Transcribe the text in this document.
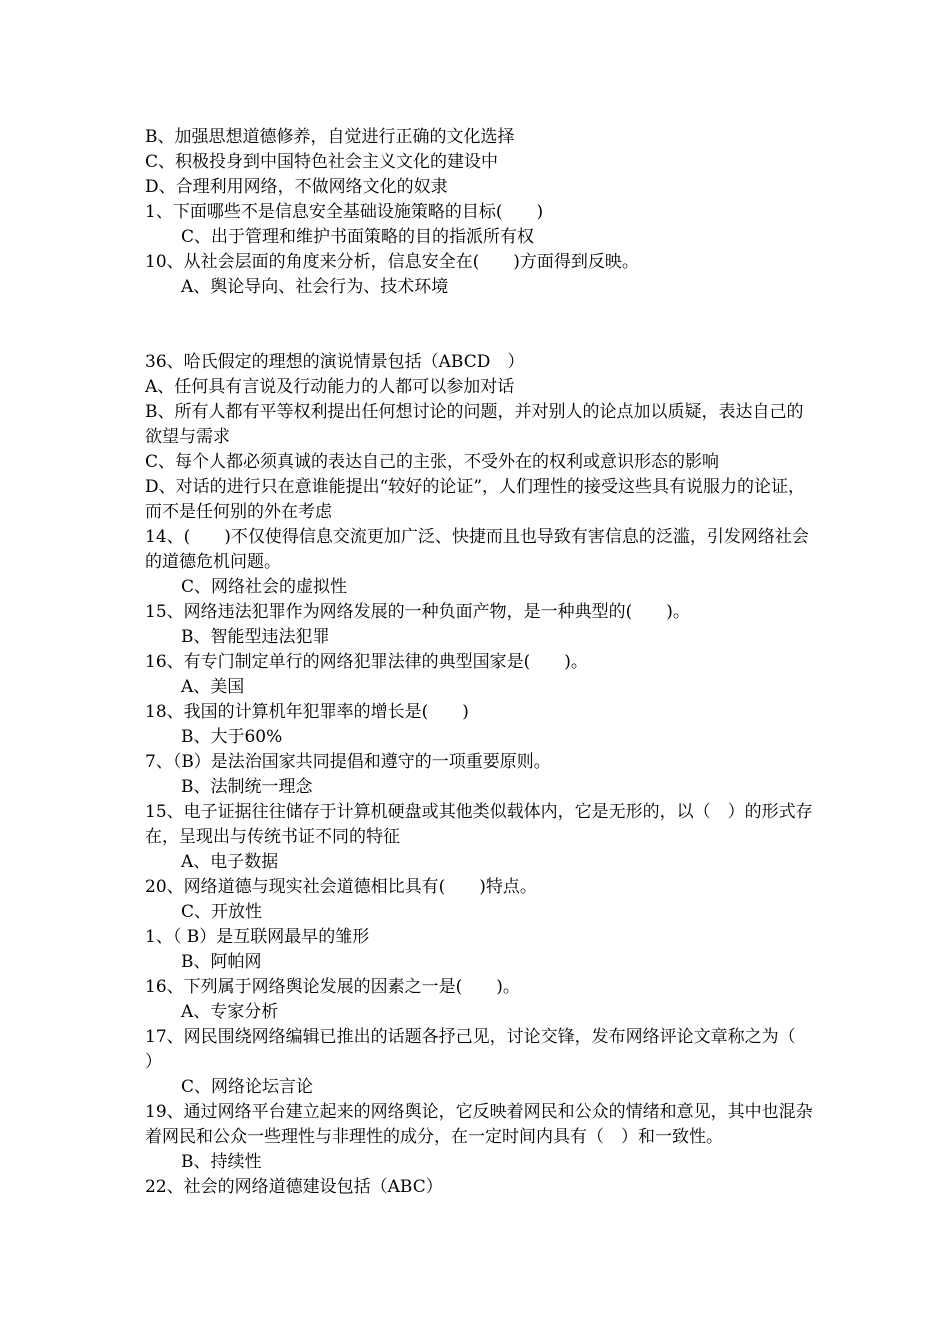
B、加强思想道德修养，自觉进行正确的文化选择
C、积极投身到中国特色社会主义文化的建设中
D、合理利用网络，不做网络文化的奴隶
1、下面哪些不是信息安全基础设施策略的目标(　　)
C、出于管理和维护书面策略的目的指派所有权
10、从社会层面的角度来分析，信息安全在(　　)方面得到反映。
A、舆论导向、社会行为、技术环境
36、哈氏假定的理想的演说情景包括（ABCD　）
A、任何具有言说及行动能力的人都可以参加对话
B、所有人都有平等权利提出任何想讨论的问题，并对别人的论点加以质疑，表达自己的欲望与需求
C、每个人都必须真诚的表达自己的主张，不受外在的权利或意识形态的影响
D、对话的进行只在意谁能提出“较好的论证”，人们理性的接受这些具有说服力的论证，而不是任何别的外在考虑
14、(　　)不仅使得信息交流更加广泛、快捷而且也导致有害信息的泛滥，引发网络社会的道德危机问题。
C、网络社会的虚拟性
15、网络违法犯罪作为网络发展的一种负面产物，是一种典型的(　　)。
B、智能型违法犯罪
16、有专门制定单行的网络犯罪法律的典型国家是(　　)。
A、美国
18、我国的计算机年犯罪率的增长是(　　)
B、大于60%
7、（B）是法治国家共同提倡和遵守的一项重要原则。
B、法制统一理念
15、电子证据往往储存于计算机硬盘或其他类似载体内，它是无形的，以（　）的形式存在，呈现出与传统书证不同的特征
A、电子数据
20、网络道德与现实社会道德相比具有(　　)特点。
C、开放性
1、（ B）是互联网最早的雏形
B、阿帕网
16、下列属于网络舆论发展的因素之一是(　　)。
A、专家分析
17、网民围绕网络编辑已推出的话题各抒己见，讨论交锋，发布网络评论文章称之为（　　）
C、网络论坛言论
19、通过网络平台建立起来的网络舆论，它反映着网民和公众的情绪和意见，其中也混杂着网民和公众一些理性与非理性的成分，在一定时间内具有（　）和一致性。
B、持续性
22、社会的网络道德建设包括（ABC）
